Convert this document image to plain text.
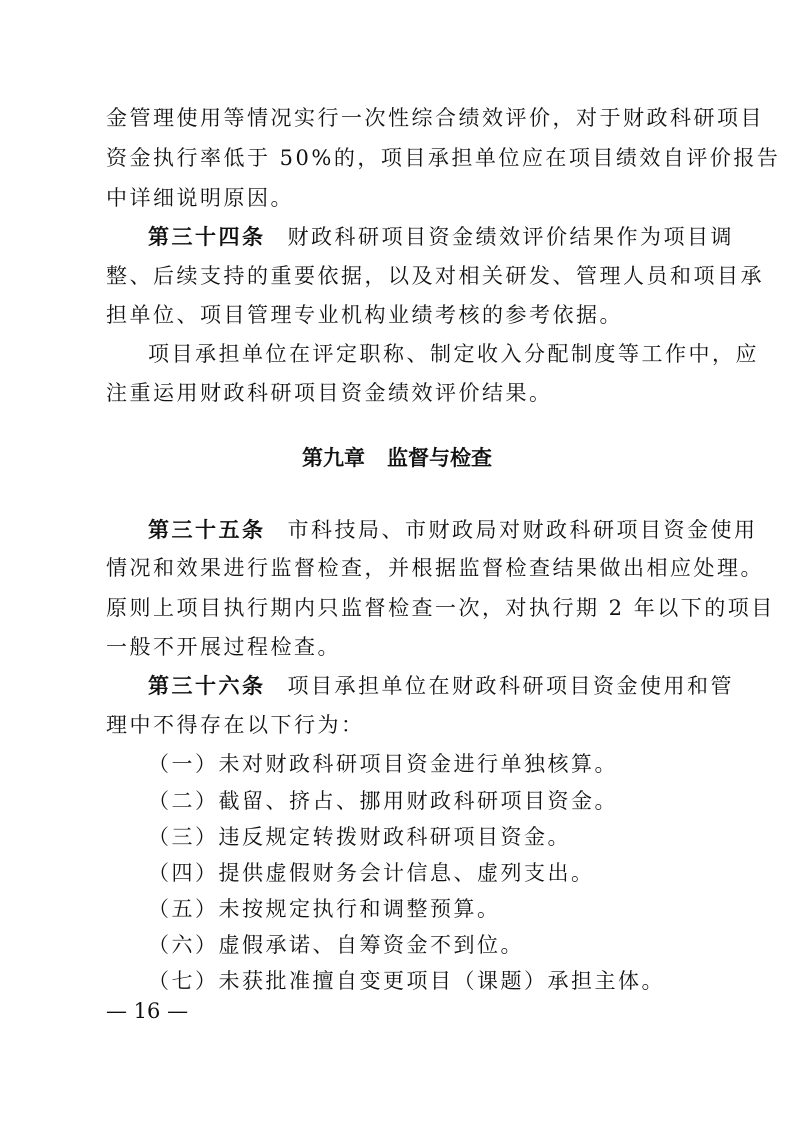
金管理使用等情况实行一次性综合绩效评价，对于财政科研项目
资金执行率低于 50%的，项目承担单位应在项目绩效自评价报告
中详细说明原因。
第三十四条 财政科研项目资金绩效评价结果作为项目调
整、后续支持的重要依据，以及对相关研发、管理人员和项目承
担单位、项目管理专业机构业绩考核的参考依据。
项目承担单位在评定职称、制定收入分配制度等工作中，应
注重运用财政科研项目资金绩效评价结果。
第九章 监督与检查
第三十五条 市科技局、市财政局对财政科研项目资金使用
情况和效果进行监督检查，并根据监督检查结果做出相应处理。
原则上项目执行期内只监督检查一次，对执行期 2 年以下的项目
一般不开展过程检查。
第三十六条 项目承担单位在财政科研项目资金使用和管
理中不得存在以下行为：
（一）未对财政科研项目资金进行单独核算。
（二）截留、挤占、挪用财政科研项目资金。
（三）违反规定转拨财政科研项目资金。
（四）提供虚假财务会计信息、虚列支出。
（五）未按规定执行和调整预算。
（六）虚假承诺、自筹资金不到位。
（七）未获批准擅自变更项目（课题）承担主体。
— 16 —
